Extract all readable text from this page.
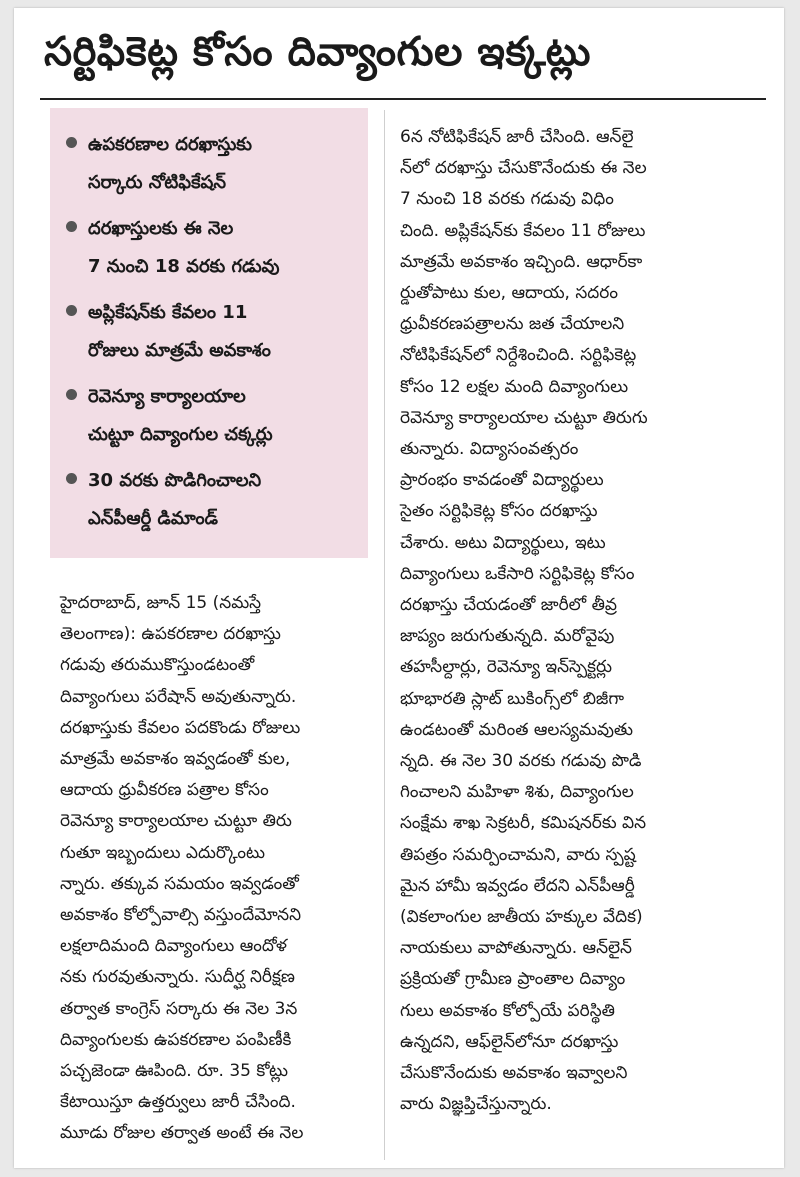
సర్టిఫికెట్ల కోసం దివ్యాంగుల ఇక్కట్లు
ఉపకరణాల దరఖాస్తుకు
సర్కారు నోటిఫికేషన్
దరఖాస్తులకు ఈ నెల
7 నుంచి 18 వరకు గడువు
అప్లికేషన్‌కు కేవలం 11
రోజులు మాత్రమే అవకాశం
రెవెన్యూ కార్యాలయాల
చుట్టూ దివ్యాంగుల చక్కర్లు
30 వరకు పొడిగించాలని
ఎన్‌పీఆర్డీ డిమాండ్
హైదరాబాద్, జూన్ 15 (నమస్తే
తెలంగాణ): ఉపకరణాల దరఖాస్తు
గడువు తరుముకొస్తుండటంతో
దివ్యాంగులు పరేషాన్ అవుతున్నారు.
దరఖాస్తుకు కేవలం పదకొండు రోజులు
మాత్రమే అవకాశం ఇవ్వడంతో కుల,
ఆదాయ ధ్రువీకరణ పత్రాల కోసం
రెవెన్యూ కార్యాలయాల చుట్టూ తిరు
గుతూ ఇబ్బందులు ఎదుర్కొంటు
న్నారు. తక్కువ సమయం ఇవ్వడంతో
అవకాశం కోల్పోవాల్సి వస్తుందేమోనని
లక్షలాదిమంది దివ్యాంగులు ఆందోళ
నకు గురవుతున్నారు. సుదీర్ఘ నిరీక్షణ
తర్వాత కాంగ్రెస్ సర్కారు ఈ నెల 3న
దివ్యాంగులకు ఉపకరణాల పంపిణీకి
పచ్చజెండా ఊపింది. రూ. 35 కోట్లు
కేటాయిస్తూ ఉత్తర్వులు జారీ చేసింది.
మూడు రోజుల తర్వాత అంటే ఈ నెల
6న నోటిఫికేషన్ జారీ చేసింది. ఆన్‌లై
న్‌లో దరఖాస్తు చేసుకొనేందుకు ఈ నెల
7 నుంచి 18 వరకు గడువు విధిం
చింది. అప్లికేషన్‌కు కేవలం 11 రోజులు
మాత్రమే అవకాశం ఇచ్చింది. ఆధార్‌కా
ర్డుతోపాటు కుల, ఆదాయ, సదరం
ధ్రువీకరణపత్రాలను జత చేయాలని
నోటిఫికేషన్‌లో నిర్దేశించింది. సర్టిఫికెట్ల
కోసం 12 లక్షల మంది దివ్యాంగులు
రెవెన్యూ కార్యాలయాల చుట్టూ తిరుగు
తున్నారు. విద్యాసంవత్సరం
ప్రారంభం కావడంతో విద్యార్థులు
సైతం సర్టిఫికెట్ల కోసం దరఖాస్తు
చేశారు. అటు విద్యార్థులు, ఇటు
దివ్యాంగులు ఒకేసారి సర్టిఫికెట్ల కోసం
దరఖాస్తు చేయడంతో జారీలో తీవ్ర
జాప్యం జరుగుతున్నది. మరోవైపు
తహసీల్దార్లు, రెవెన్యూ ఇన్‌స్పెక్టర్లు
భూభారతి స్లాట్ బుకింగ్స్‌లో బిజీగా
ఉండటంతో మరింత ఆలస్యమవుతు
న్నది. ఈ నెల 30 వరకు గడువు పొడి
గించాలని మహిళా శిశు, దివ్యాంగుల
సంక్షేమ శాఖ సెక్రటరీ, కమిషనర్‌కు విన
తిపత్రం సమర్పించామని, వారు స్పష్ట
మైన హామీ ఇవ్వడం లేదని ఎన్‌పీఆర్డీ
(వికలాంగుల జాతీయ హక్కుల వేదిక)
నాయకులు వాపోతున్నారు. ఆన్‌లైన్
ప్రక్రియతో గ్రామీణ ప్రాంతాల దివ్యాం
గులు అవకాశం కోల్పోయే పరిస్థితి
ఉన్నదని, ఆఫ్‌లైన్‌లోనూ దరఖాస్తు
చేసుకొనేందుకు అవకాశం ఇవ్వాలని
వారు విజ్ఞప్తిచేస్తున్నారు.
